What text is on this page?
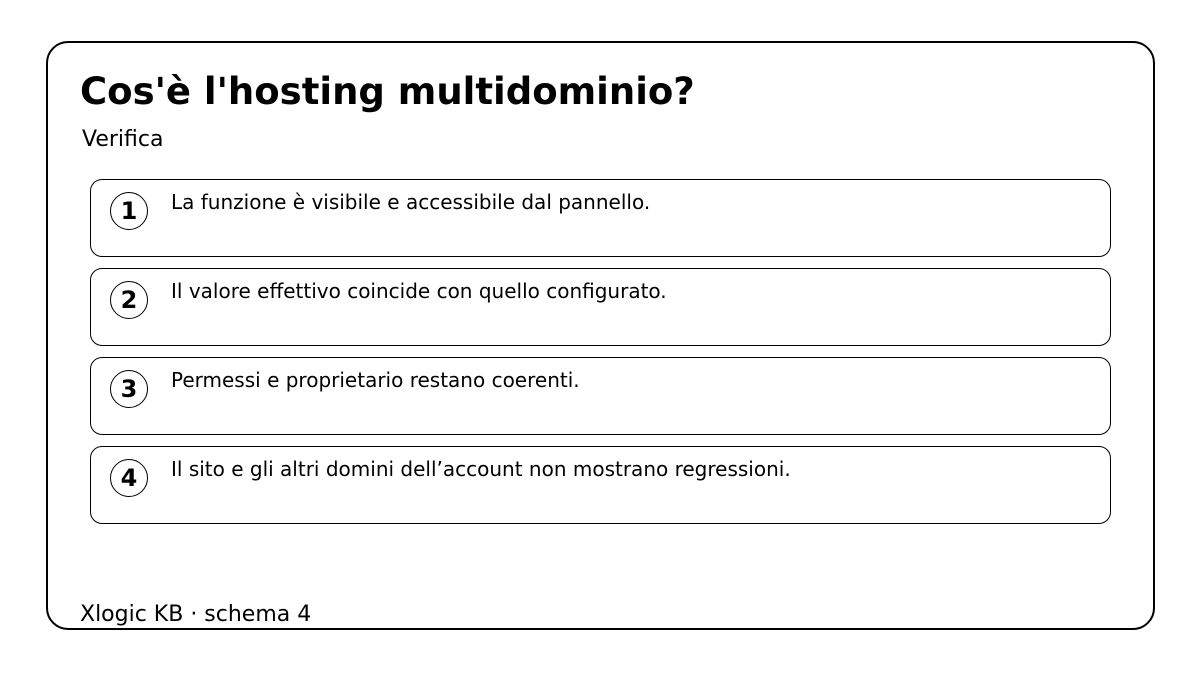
Cos'è l'hosting multidominio?
Verifica
1	La funzione è visibile e accessibile dal pannello.
2	Il valore effettivo coincide con quello configurato.
3	Permessi e proprietario restano coerenti.
4	Il sito e gli altri domini dell’account non mostrano regressioni.
Xlogic KB · schema 4
